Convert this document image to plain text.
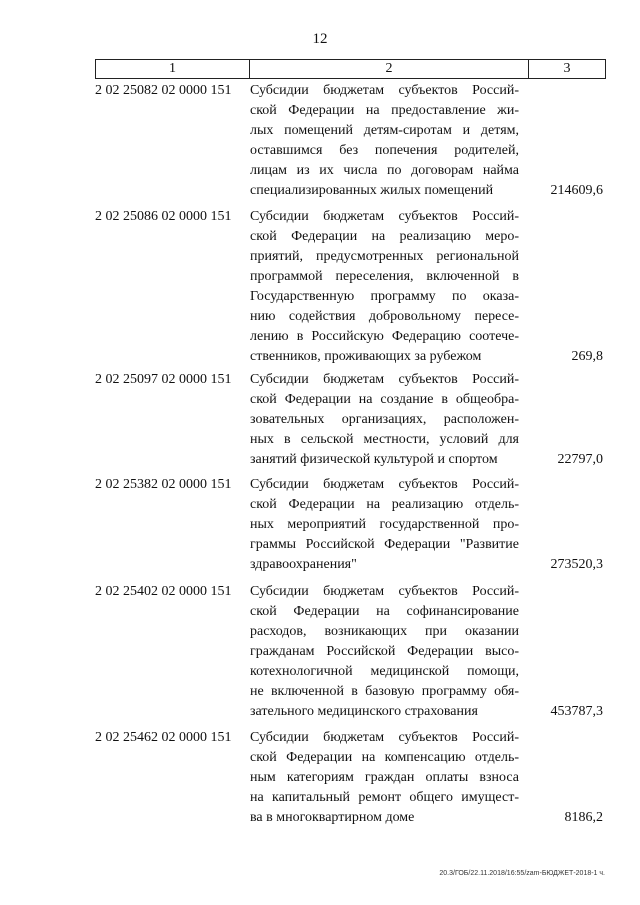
12
1	2	3
2 02 25082 02 0000 151 Субсидии бюджетам субъектов Россий-
ской Федерации на предоставление жи-
лых помещений детям-сиротам и детям,
оставшимся без попечения родителей,
лицам из их числа по договорам найма
специализированных жилых помещений	214609,6
2 02 25086 02 0000 151 Субсидии бюджетам субъектов Россий-
ской Федерации на реализацию меро-
приятий, предусмотренных региональной
программой переселения, включенной в
Государственную программу по оказа-
нию содействия добровольному пересе-
лению в Российскую Федерацию соотече-
ственников, проживающих за рубежом	269,8
2 02 25097 02 0000 151 Субсидии бюджетам субъектов Россий-
ской Федерации на создание в общеобра-
зовательных организациях, расположен-
ных в сельской местности, условий для
занятий физической культурой и спортом	22797,0
2 02 25382 02 0000 151 Субсидии бюджетам субъектов Россий-
ской Федерации на реализацию отдель-
ных мероприятий государственной про-
граммы Российской Федерации "Развитие
здравоохранения"	273520,3
2 02 25402 02 0000 151 Субсидии бюджетам субъектов Россий-
ской Федерации на софинансирование
расходов, возникающих при оказании
гражданам Российской Федерации высо-
котехнологичной медицинской помощи,
не включенной в базовую программу обя-
зательного медицинского страхования	453787,3
2 02 25462 02 0000 151 Субсидии бюджетам субъектов Россий-
ской Федерации на компенсацию отдель-
ным категориям граждан оплаты взноса
на капитальный ремонт общего имущест-
ва в многоквартирном доме	8186,2
20.3/ГОБ/22.11.2018/16:55/zam-БЮДЖЕТ-2018-1 ч.
